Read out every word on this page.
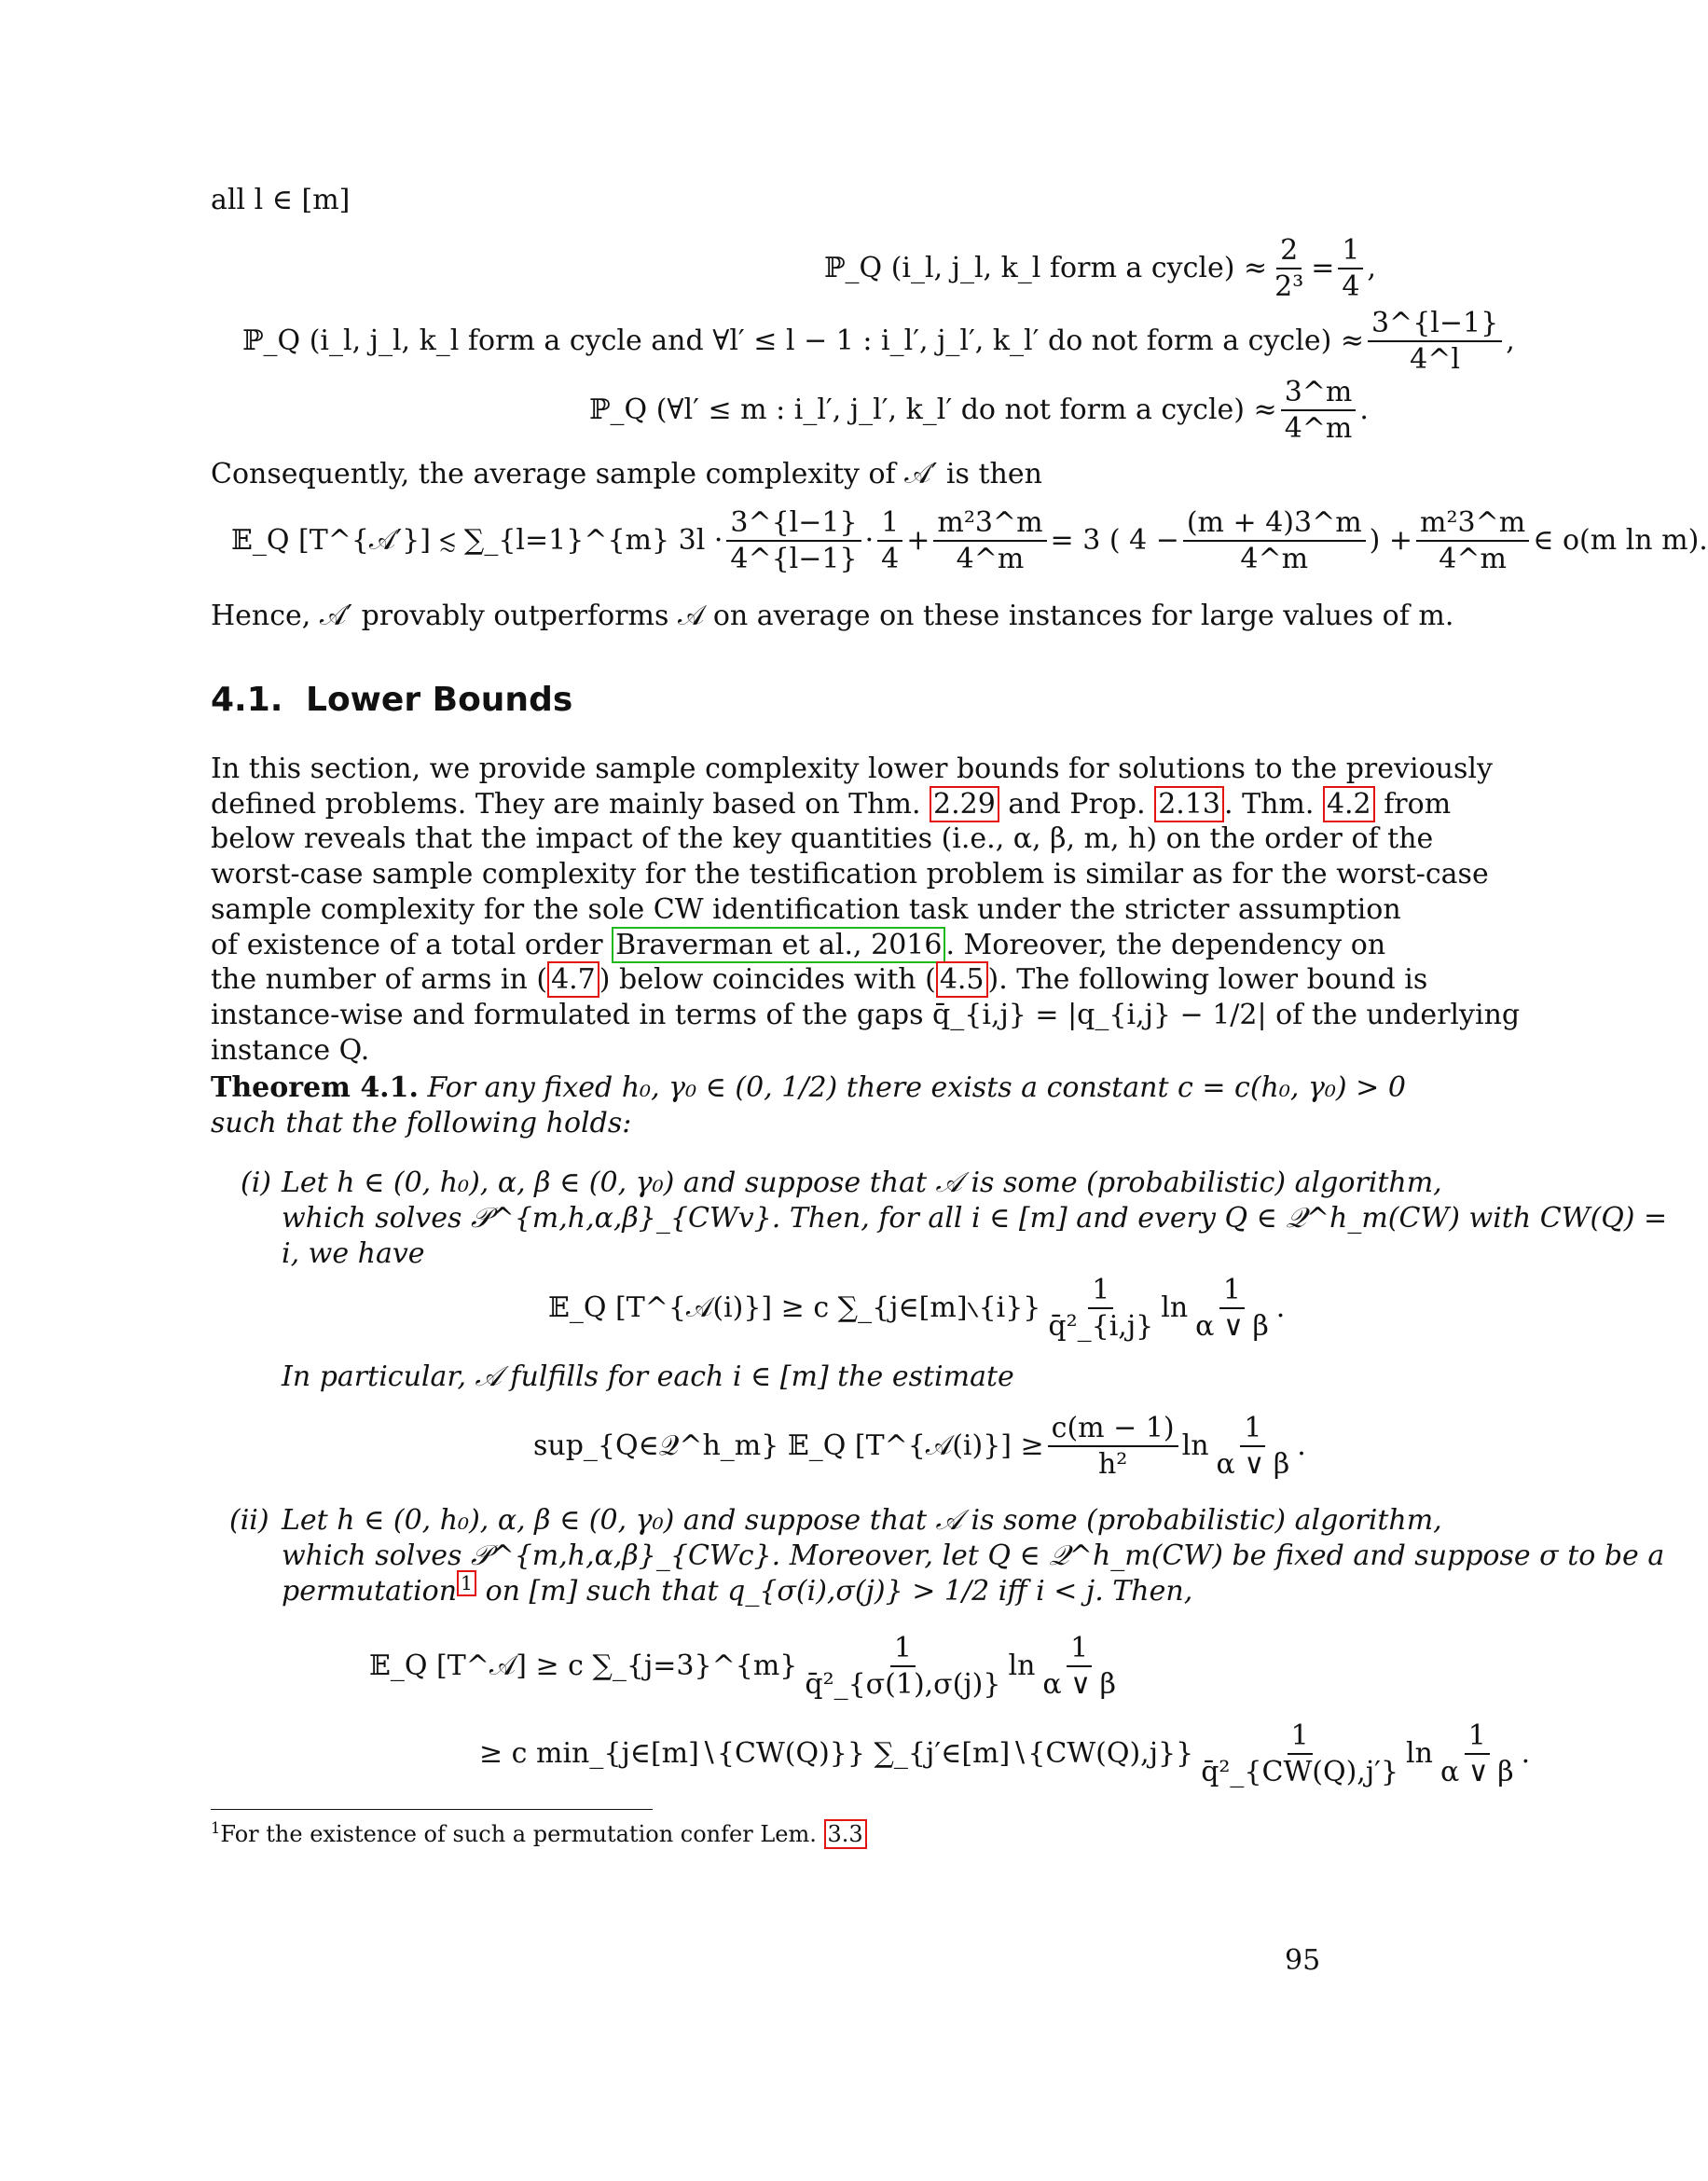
all l ∈ [m]
ℙ_Q (i_l, j_l, k_l form a cycle) ≈ $\frac{2}{\text{2³}} = \frac{1}{4}$ ,
ℙ_Q (i_l, j_l, k_l form a cycle and ∀l′ ≤ l − 1 : i_l′, j_l′, k_l′ do not form a cycle) ≈ $\frac{3\^{}\{l-1\}}{4\^{}l}$ ,
ℙ_Q (∀l′ ≤ m : i_l′, j_l′, k_l′ do not form a cycle) ≈ $\frac{3\^{}m}{4\^{}m}$ .
Consequently, the average sample complexity of 𝒜′ is then
𝔼_Q [T^{𝒜′}] ≲ ∑_{l=1}^{m} $3l \cdot \frac{3\^{}\{l-1\}}{4\^{}\{l-1\}} \cdot \frac{1}{4} + \frac{\text{m²3\textasciicircum{}m}}{4\^{}m} = 3$ ( $4 - \frac{(m + 4)3\^{}m}{4\^{}m}$ ) + $\frac{\text{m²3\textasciicircum{}m}}{4\^{}m}$ ∈ o(m ln m).
Hence, 𝒜′ provably outperforms 𝒜 on average on these instances for large values of m.
4.1. Lower Bounds
In this section, we provide sample complexity lower bounds for solutions to the previously
defined problems. They are mainly based on Thm. 2.29 and Prop. 2.13 . Thm. 4.2 from
below reveals that the impact of the key quantities (i.e., α, β, m, h) on the order of the
worst-case sample complexity for the testification problem is similar as for the worst-case
sample complexity for the sole CW identification task under the stricter assumption
of existence of a total order Braverman et al., 2016 . Moreover, the dependency on
the number of arms in ( 4.7 ) below coincides with ( 4.5 ). The following lower bound is
instance-wise and formulated in terms of the gaps q̄_{i,j} = |q_{i,j} − 1/2| of the underlying
instance Q.
Theorem 4.1. For any fixed h₀, γ₀ ∈ (0, 1/2) there exists a constant c = c(h₀, γ₀) > 0
such that the following holds:
(i) Let h ∈ (0, h₀), α, β ∈ (0, γ₀) and suppose that 𝒜 is some (probabilistic) algorithm,
which solves 𝒫^{m,h,α,β}_{CWv}. Then, for all i ∈ [m] and every Q ∈ 𝒬^h_m(CW) with CW(Q) =
i, we have
𝔼_Q [T^{𝒜(i)}] ≥ c ∑_{j∈[m]∖{i}} $\frac{1}{\text{q̄²\_\{i,j\}}}$ $\ln \frac{1}{\alpha \vee \beta}$ .
In particular, 𝒜 fulfills for each i ∈ [m] the estimate
sup_{Q∈𝒬^h_m} 𝔼_Q [T^{𝒜(i)}] ≥ $\frac{c(m - 1)}{\text{h²}}$ $\ln \frac{1}{\alpha \vee \beta}$ .
(ii) Let h ∈ (0, h₀), α, β ∈ (0, γ₀) and suppose that 𝒜 is some (probabilistic) algorithm,
which solves 𝒫^{m,h,α,β}_{CWc}. Moreover, let Q ∈ 𝒬^h_m(CW) be fixed and suppose σ to be a
permutation $^1$ on [m] such that q_{σ(i),σ(j)} > 1/2 iff i < j. Then,
𝔼_Q [T^𝒜] ≥ c ∑_{j=3}^{m} $\frac{1}{\text{q̄²\_\{σ(1),σ(j)\}}}$ $\ln \frac{1}{\alpha \vee \beta}$
≥ c min_{j∈[m]∖{CW(Q)}} ∑_{j′∈[m]∖{CW(Q),j}} $\frac{1}{\text{q̄²\_\{CW(Q),j′\}}}$ $\ln \frac{1}{\alpha \vee \beta}$ .
$^1$For the existence of such a permutation confer Lem. 3.3
95
